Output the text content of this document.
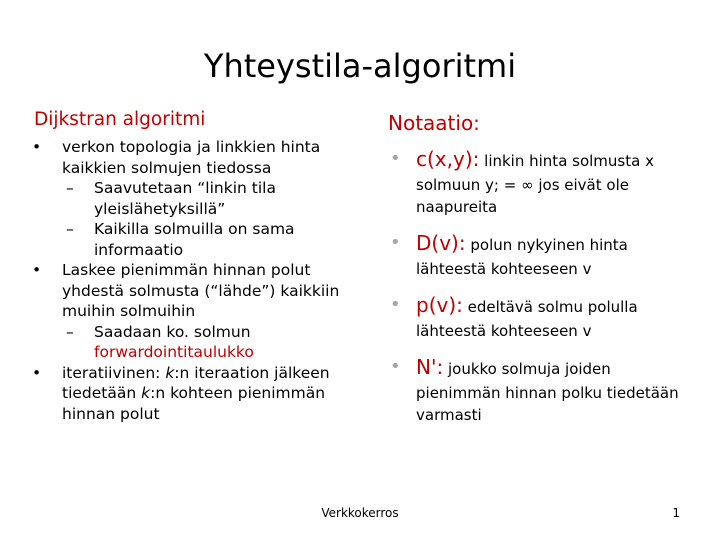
Yhteystila-algoritmi
Dijkstran algoritmi	Notaatio:
• verkon topologia ja linkkien hinta kaikkien solmujen tiedossa
– Saavutetaan “linkin tila yleislähetyksillä”
– Kaikilla solmuilla on sama informaatio
• Laskee pienimmän hinnan polut yhdestä solmusta (“lähde”) kaikkiin muihin solmuihin
– Saadaan ko. solmun forwardointitaulukko
• iteratiivinen: k:n iteraation jälkeen tiedetään k:n kohteen pienimmän hinnan polut
• c(x,y): linkin hinta solmusta x
solmuun y; = ∞ jos eivät ole naapureita
• D(v): polun nykyinen hinta
lähteestä kohteeseen v
• p(v): edeltävä solmu polulla
lähteestä kohteeseen v
• N': joukko solmuja joiden
pienimmän hinnan polku tiedetään varmasti
Verkkokerros	1
